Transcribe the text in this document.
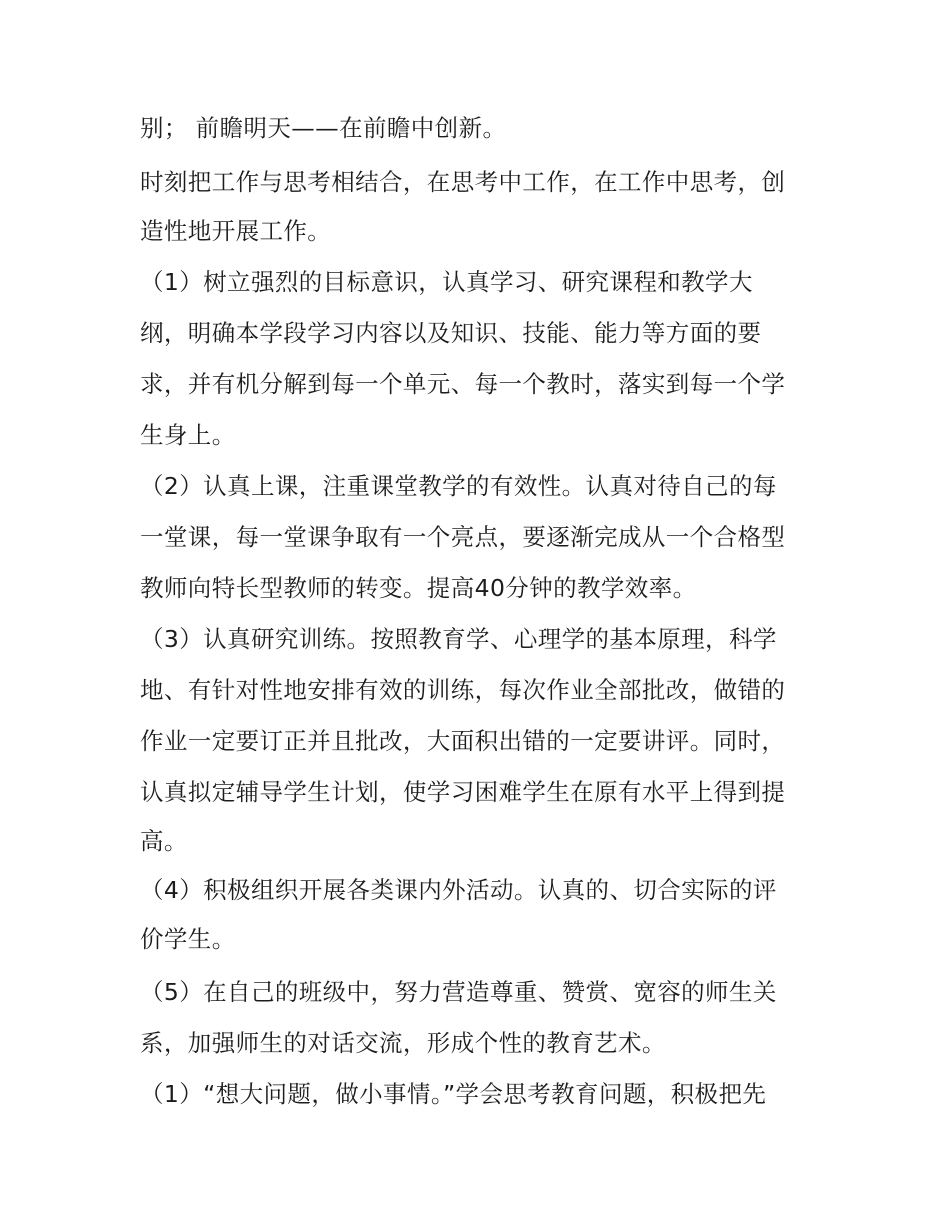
别； 前瞻明天——在前瞻中创新。
时刻把工作与思考相结合，在思考中工作，在工作中思考，创
造性地开展工作。
（1）树立强烈的目标意识，认真学习、研究课程和教学大
纲，明确本学段学习内容以及知识、技能、能力等方面的要
求，并有机分解到每一个单元、每一个教时，落实到每一个学
生身上。
（2）认真上课，注重课堂教学的有效性。认真对待自己的每
一堂课，每一堂课争取有一个亮点，要逐渐完成从一个合格型
教师向特长型教师的转变。提高40分钟的教学效率。
（3）认真研究训练。按照教育学、心理学的基本原理，科学
地、有针对性地安排有效的训练，每次作业全部批改，做错的
作业一定要订正并且批改，大面积出错的一定要讲评。同时，
认真拟定辅导学生计划，使学习困难学生在原有水平上得到提
高。
（4）积极组织开展各类课内外活动。认真的、切合实际的评
价学生。
（5）在自己的班级中，努力营造尊重、赞赏、宽容的师生关
系，加强师生的对话交流，形成个性的教育艺术。
（1）“想大问题，做小事情。”学会思考教育问题，积极把先
